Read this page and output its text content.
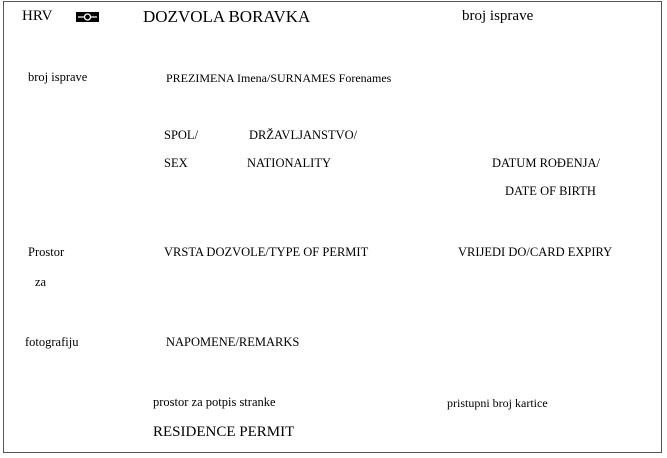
HRV	DOZVOLA BORAVKA	broj isprave
broj isprave	PREZIMENA Imena/SURNAMES Forenames
SPOL/
SEX
DRŽAVLJANSTVO/
NATIONALITY	DATUM ROĐENJA/
DATE OF BIRTH
Prostor
za
fotografiju
VRSTA DOZVOLE/TYPE OF PERMIT	VRIJEDI DO/CARD EXPIRY
NAPOMENE/REMARKS
prostor za potpis stranke	pristupni broj kartice
RESIDENCE PERMIT
